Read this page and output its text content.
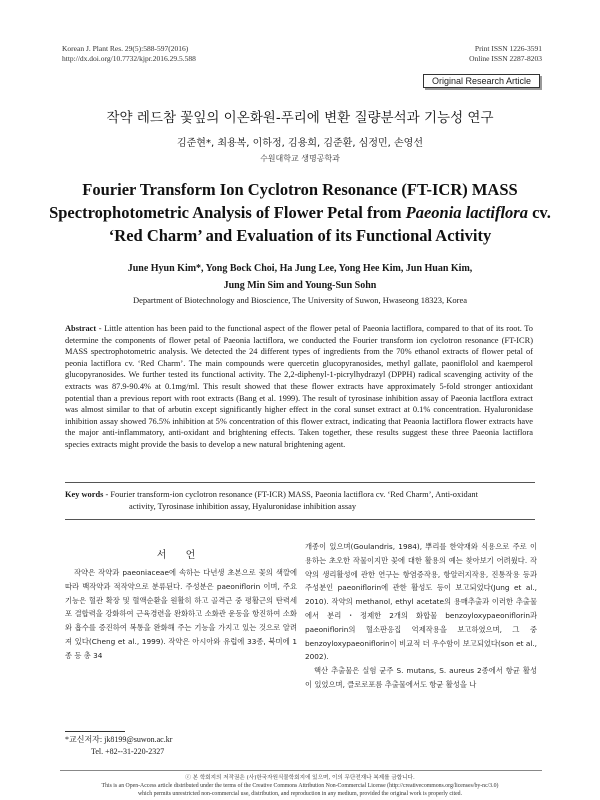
Korean J. Plant Res. 29(5):588-597(2016)
http://dx.doi.org/10.7732/kjpr.2016.29.5.588
Print ISSN 1226-3591
Online ISSN 2287-8203
Original Research Article
작약 레드참 꽃잎의 이온화원-푸리에 변환 질량분석과 기능성 연구
김준현*, 최용복, 이하정, 김용희, 김준환, 심정민, 손영선
수원대학교 생명공학과
Fourier Transform Ion Cyclotron Resonance (FT-ICR) MASS
Spectrophotometric Analysis of Flower Petal from Paeonia lactiflora cv.
‘Red Charm’ and Evaluation of its Functional Activity
June Hyun Kim*, Yong Bock Choi, Ha Jung Lee, Yong Hee Kim, Jun Huan Kim,
Jung Min Sim and Young-Sun Sohn
Department of Biotechnology and Bioscience, The University of Suwon, Hwaseong 18323, Korea
Abstract - Little attention has been paid to the functional aspect of the flower petal of Paeonia lactiflora, compared to that of its root. To determine the components of flower petal of Paeonia lactiflora, we conducted the Fourier transform ion cyclotron resonance (FT-ICR) MASS spectrophotometric analysis. We detected the 24 different types of ingredients from the 70% ethanol extracts of flower petal of peonia lactiflora cv. ‘Red Charm’. The main compounds were quercetin glucopyranosides, methyl gallate, paoniflolol and kaemperol glucopyranosides. We further tested its functional activity. The 2,2-diphenyl-1-picrylhydrazyl (DPPH) radical scavenging activity of the extracts was 87.9-90.4% at 0.1mg/ml. This result showed that these flower extracts have approximately 5-fold stronger antioxidant potential than a previous report with root extracts (Bang et al. 1999). The result of tyrosinase inhibition assay of Paeonia lactflora extract was almost similar to that of arbutin except significantly higher effect in the coral sunset extract at 0.1% concentration. Hyaluronidase inhibition assay showed 76.5% inhibition at 5% concentration of this flower extract, indicating that Peaonia lactiflora flower extracts have the major anti-inflammatory, anti-oxidant and brightening effects. Taken together, these results suggest these three Paeonia lactiflora species extracts might provide the basis to develop a new natural brightening agent.
Key words - Fourier transform-ion cyclotron resonance (FT-ICR) MASS, Paeonia lactiflora cv. ‘Red Charm’, Anti-oxidant
activity, Tyrosinase inhibition assay, Hyaluronidase inhibition assay
서 언

작약은 작약과 paeoniaceae에 속하는 다년생 초본으로 꽃의 색깔에 따라 백작약과 적작약으로 분류된다. 주성분은 paeoniflorin 이며, 주요기능은 혈관 확장 및 혈액순환을 원활히 하고 골격근 중 평활근의 탄력세포 결합력을 강화하여 근육경련을 완화하고 소화관 운동을 항진하여 소화와 흡수를 증진하여 복통을 완화해 주는 기능을 가지고 있는 것으로 알려져 있다(Cheng et al., 1999). 작약은 아시아와 유럽에 33종, 북미에 1종 등 총 34

개종이 있으며(Goulandris, 1984), 뿌리를 한약재와 식용으로 주로 이용하는 초오한 작물이지만 꽃에 대한 활용의 예는 찾아보기 어려웠다. 작약의 생리활성에 관한 연구는 항염증작용, 항알러지작용, 진통작용 등과 주성분인 paeoniflorin에 관한 활성도 등이 보고되었다(Jung et al., 2010). 작약의 methanol, ethyl acetate의 용매추출과 이러한 추출물에서 분리・정제한 2개의 화합물 benzoyloxypaeoniflorin과 paeoniflorin의 혈소판응집 억제작용을 보고하였으며, 그 중 benzoyloxypaeoniflorin이 비교적 더 우수함이 보고되었다(son et al., 2002).

핵산 추출물은 실험 균주 S. mutans, S. aureus 2종에서 항균 활성이 있었으며, 클로로포름 추출물에서도 항균 활성을 나

*교신저자: jk8199@suwon.ac.kr
Tel. +82--31-220-2327
ⓒ 본 학회지의 저작권은 (사)한국자원식물학회지에 있으며, 이의 무단전재나 복제를 금합니다.
This is an Open-Access article distributed under the terms of the Creative Commons Attribution Non-Commercial License (http://creativecommons.org/licenses/by-nc/3.0)
which permits unrestricted non-commercial use, distribution, and reproduction in any medium, provided the original work is properly cited.
